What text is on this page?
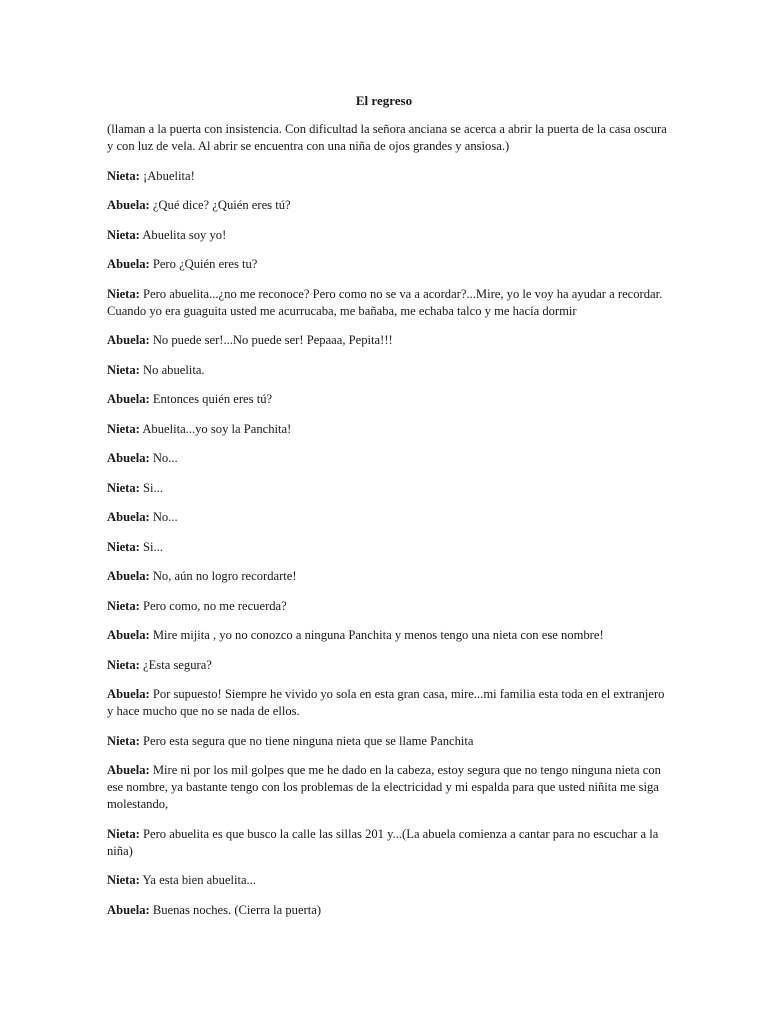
El regreso

(llaman a la puerta con insistencia. Con dificultad la señora anciana se acerca a abrir la puerta de la casa oscura y con luz de vela. Al abrir se encuentra con una niña de ojos grandes y ansiosa.)

Nieta: ¡Abuelita!

Abuela: ¿Qué dice? ¿Quién eres tú?

Nieta: Abuelita soy yo!

Abuela: Pero ¿Quién eres tu?

Nieta: Pero abuelita...¿no me reconoce? Pero como no se va a acordar?...Mire, yo le voy ha ayudar a recordar. Cuando yo era guaguita usted me acurrucaba, me bañaba, me echaba talco y me hacía dormir

Abuela: No puede ser!...No puede ser! Pepaaa, Pepita!!!

Nieta: No abuelita.

Abuela: Entonces quién eres tú?

Nieta: Abuelita...yo soy la Panchita!

Abuela: No...

Nieta: Si...

Abuela: No...

Nieta: Si...

Abuela: No, aún no logro recordarte!

Nieta: Pero como, no me recuerda?

Abuela: Mire mijita , yo no conozco a ninguna Panchita y menos tengo una nieta con ese nombre!

Nieta: ¿Esta segura?

Abuela: Por supuesto! Siempre he vivido yo sola en esta gran casa, mire...mi familia esta toda en el extranjero y hace mucho que no se nada de ellos.

Nieta: Pero esta segura que no tiene ninguna nieta que se llame Panchita

Abuela: Mire ni por los mil golpes que me he dado en la cabeza, estoy segura que no tengo ninguna nieta con ese nombre, ya bastante tengo con los problemas de la electricidad y mi espalda para que usted niñita me siga molestando,

Nieta: Pero abuelita es que busco la calle las sillas 201 y...(La abuela comienza a cantar para no escuchar a la niña)

Nieta: Ya esta bien abuelita...

Abuela: Buenas noches. (Cierra la puerta)
